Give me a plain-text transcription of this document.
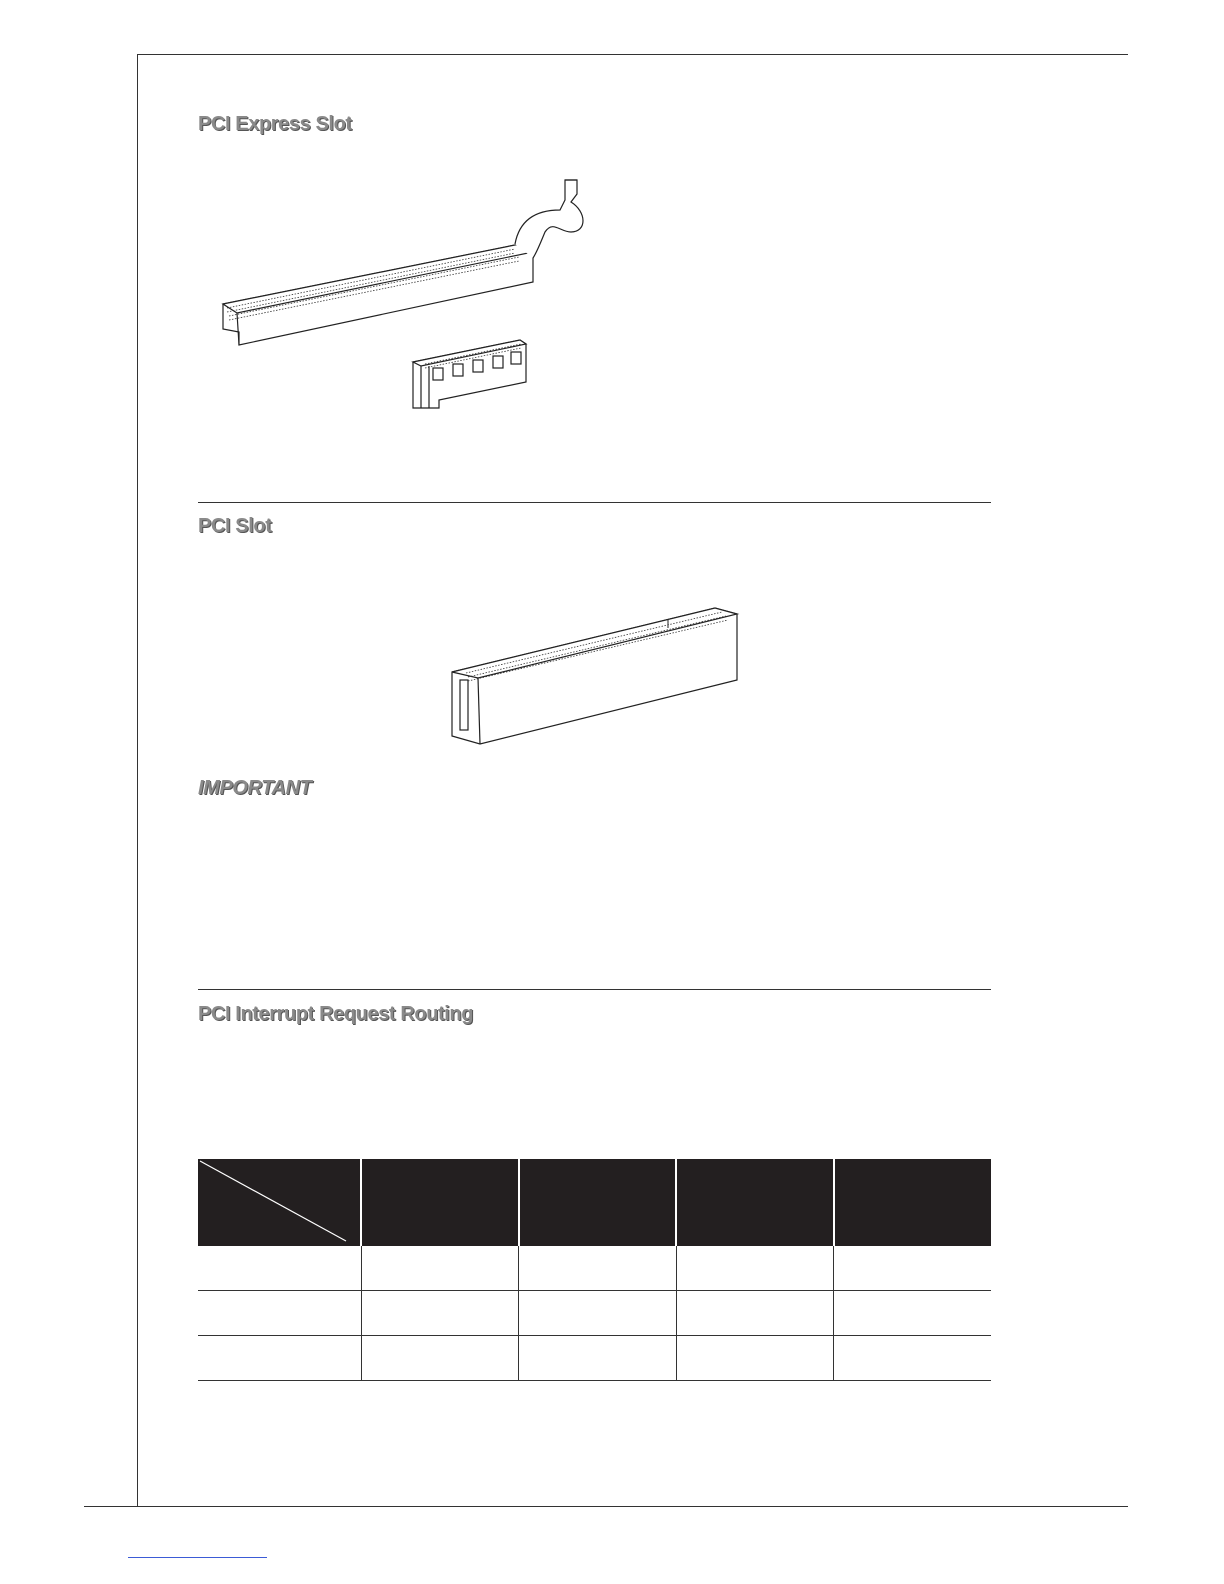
PCI Express Slot
PCI Slot
IMPORTANT
PCI Interrupt Request Routing
